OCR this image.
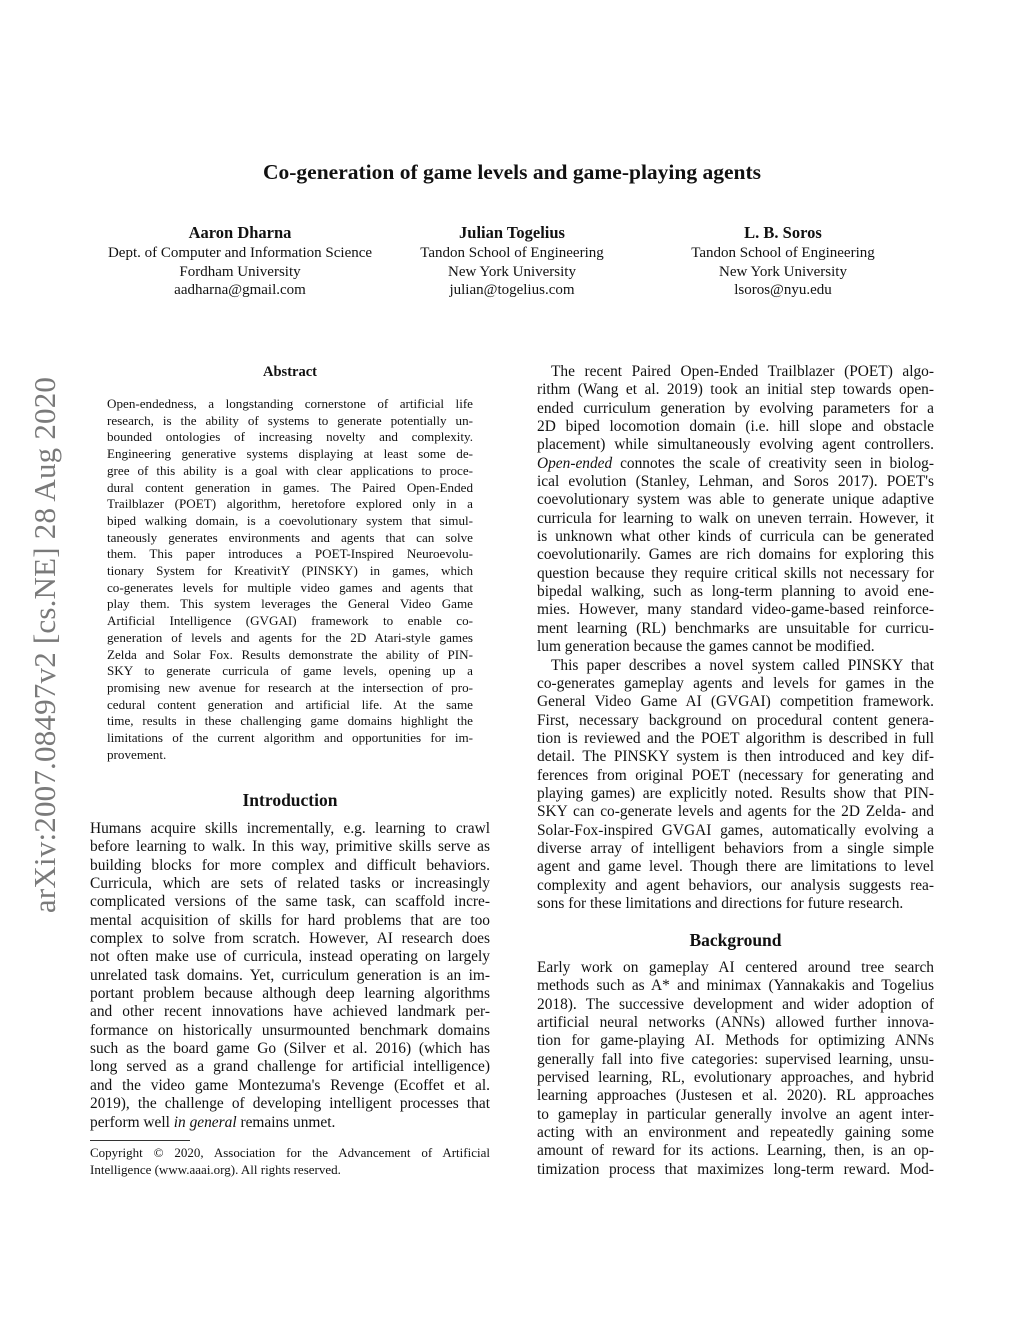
arXiv:2007.08497v2 [cs.NE] 28 Aug 2020
Co-generation of game levels and game-playing agents
Aaron Dharna
Dept. of Computer and Information Science
Fordham University
aadharna@gmail.com
Julian Togelius
Tandon School of Engineering
New York University
julian@togelius.com
L. B. Soros
Tandon School of Engineering
New York University
lsoros@nyu.edu
Abstract
Open-endedness, a longstanding cornerstone of artificial life
research, is the ability of systems to generate potentially un-
bounded ontologies of increasing novelty and complexity.
Engineering generative systems displaying at least some de-
gree of this ability is a goal with clear applications to proce-
dural content generation in games. The Paired Open-Ended
Trailblazer (POET) algorithm, heretofore explored only in a
biped walking domain, is a coevolutionary system that simul-
taneously generates environments and agents that can solve
them. This paper introduces a POET-Inspired Neuroevolu-
tionary System for KreativitY (PINSKY) in games, which
co-generates levels for multiple video games and agents that
play them. This system leverages the General Video Game
Artificial Intelligence (GVGAI) framework to enable co-
generation of levels and agents for the 2D Atari-style games
Zelda and Solar Fox. Results demonstrate the ability of PIN-
SKY to generate curricula of game levels, opening up a
promising new avenue for research at the intersection of pro-
cedural content generation and artificial life. At the same
time, results in these challenging game domains highlight the
limitations of the current algorithm and opportunities for im-
provement.
Introduction
Humans acquire skills incrementally, e.g. learning to crawl
before learning to walk. In this way, primitive skills serve as
building blocks for more complex and difficult behaviors.
Curricula, which are sets of related tasks or increasingly
complicated versions of the same task, can scaffold incre-
mental acquisition of skills for hard problems that are too
complex to solve from scratch. However, AI research does
not often make use of curricula, instead operating on largely
unrelated task domains. Yet, curriculum generation is an im-
portant problem because although deep learning algorithms
and other recent innovations have achieved landmark per-
formance on historically unsurmounted benchmark domains
such as the board game Go (Silver et al. 2016) (which has
long served as a grand challenge for artificial intelligence)
and the video game Montezuma's Revenge (Ecoffet et al.
2019), the challenge of developing intelligent processes that
perform well in general remains unmet.
Copyright © 2020, Association for the Advancement of Artificial
Intelligence (www.aaai.org). All rights reserved.
The recent Paired Open-Ended Trailblazer (POET) algo-
rithm (Wang et al. 2019) took an initial step towards open-
ended curriculum generation by evolving parameters for a
2D biped locomotion domain (i.e. hill slope and obstacle
placement) while simultaneously evolving agent controllers.
Open-ended connotes the scale of creativity seen in biolog-
ical evolution (Stanley, Lehman, and Soros 2017). POET's
coevolutionary system was able to generate unique adaptive
curricula for learning to walk on uneven terrain. However, it
is unknown what other kinds of curricula can be generated
coevolutionarily. Games are rich domains for exploring this
question because they require critical skills not necessary for
bipedal walking, such as long-term planning to avoid ene-
mies. However, many standard video-game-based reinforce-
ment learning (RL) benchmarks are unsuitable for curricu-
lum generation because the games cannot be modified.
This paper describes a novel system called PINSKY that
co-generates gameplay agents and levels for games in the
General Video Game AI (GVGAI) competition framework.
First, necessary background on procedural content genera-
tion is reviewed and the POET algorithm is described in full
detail. The PINSKY system is then introduced and key dif-
ferences from original POET (necessary for generating and
playing games) are explicitly noted. Results show that PIN-
SKY can co-generate levels and agents for the 2D Zelda- and
Solar-Fox-inspired GVGAI games, automatically evolving a
diverse array of intelligent behaviors from a single simple
agent and game level. Though there are limitations to level
complexity and agent behaviors, our analysis suggests rea-
sons for these limitations and directions for future research.
Background
Early work on gameplay AI centered around tree search
methods such as A* and minimax (Yannakakis and Togelius
2018). The successive development and wider adoption of
artificial neural networks (ANNs) allowed further innova-
tion for game-playing AI. Methods for optimizing ANNs
generally fall into five categories: supervised learning, unsu-
pervised learning, RL, evolutionary approaches, and hybrid
learning approaches (Justesen et al. 2020). RL approaches
to gameplay in particular generally involve an agent inter-
acting with an environment and repeatedly gaining some
amount of reward for its actions. Learning, then, is an op-
timization process that maximizes long-term reward. Mod-
